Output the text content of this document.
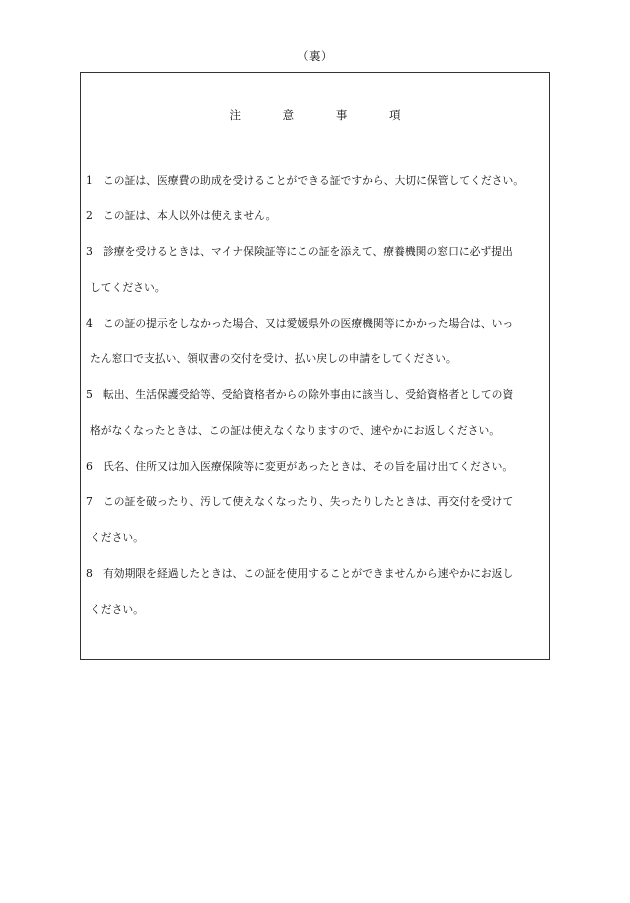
（裏）
注	意	事	項
1 この証は、医療費の助成を受けることができる証ですから、大切に保管してください。
2 この証は、本人以外は使えません。
3 診療を受けるときは、マイナ保険証等にこの証を添えて、療養機関の窓口に必ず提出
してください。
4 この証の提示をしなかった場合、又は愛媛県外の医療機関等にかかった場合は、いっ
たん窓口で支払い、領収書の交付を受け、払い戻しの申請をしてください。
5 転出、生活保護受給等、受給資格者からの除外事由に該当し、受給資格者としての資
格がなくなったときは、この証は使えなくなりますので、速やかにお返しください。
6 氏名、住所又は加入医療保険等に変更があったときは、その旨を届け出てください。
7 この証を破ったり、汚して使えなくなったり、失ったりしたときは、再交付を受けて
ください。
8 有効期限を経過したときは、この証を使用することができませんから速やかにお返し
ください。
